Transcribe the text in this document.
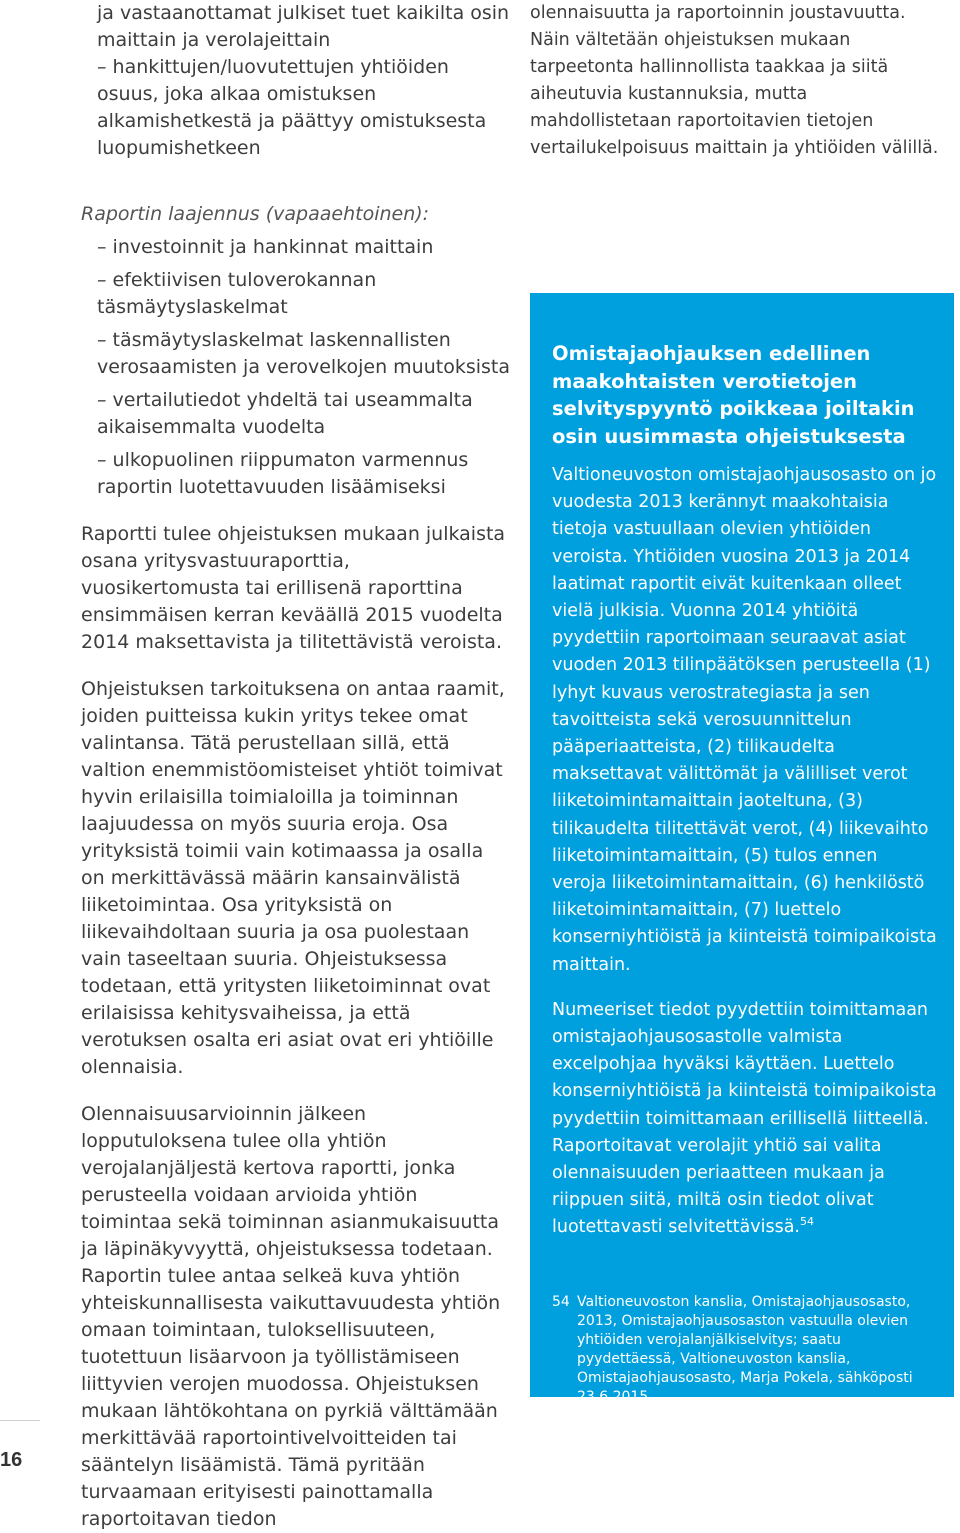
ja vastaanottamat julkiset tuet kaikilta osin

maittain ja verolajeittain

– hankittujen/luovutettujen yhtiöiden osuus, joka alkaa omistuksen alkamishetkestä ja päättyy omistuksesta luopumishetkeen

Raportin laajennus (vapaaehtoinen):

– investoinnit ja hankinnat maittain

– efektiivisen tuloverokannan täsmäytyslaskelmat

– täsmäytyslaskelmat laskennallisten verosaamisten ja verovelkojen muutoksista

– vertailutiedot yhdeltä tai useammalta aikaisemmalta vuodelta

– ulkopuolinen riippumaton varmennus raportin luotettavuuden lisäämiseksi

Raportti tulee ohjeistuksen mukaan julkaista osana yritysvastuuraporttia, vuosikertomusta tai erillisenä raporttina ensimmäisen kerran keväällä 2015 vuodelta 2014 maksettavista ja tilitettävistä veroista.

Ohjeistuksen tarkoituksena on antaa raamit, joiden puitteissa kukin yritys tekee omat valintansa. Tätä perustellaan sillä, että valtion enemmistöomisteiset yhtiöt toimivat hyvin erilaisilla toimialoilla ja toiminnan laajuudessa on myös suuria eroja. Osa yrityksistä toimii vain kotimaassa ja osalla on merkittävässä määrin kansainvälistä liiketoimintaa. Osa yrityksistä on liikevaihdoltaan suuria ja osa puolestaan vain taseeltaan suuria. Ohjeistuksessa todetaan, että yritysten liiketoiminnat ovat erilaisissa kehitysvaiheissa, ja että verotuksen osalta eri asiat ovat eri yhtiöille olennaisia.

Olennaisuusarvioinnin jälkeen lopputuloksena tulee olla yhtiön verojalanjäljestä kertova raportti, jonka perusteella voidaan arvioida yhtiön toimintaa sekä toiminnan asianmukaisuutta ja läpinäkyvyyttä, ohjeistuksessa todetaan. Raportin tulee antaa selkeä kuva yhtiön yhteiskunnallisesta vaikuttavuudesta yhtiön omaan toimintaan, tuloksellisuuteen, tuotettuun lisäarvoon ja työllistämiseen liittyvien verojen muodossa. Ohjeistuksen mukaan lähtökohtana on pyrkiä välttämään merkittävää raportointivelvoitteiden tai sääntelyn lisäämistä. Tämä pyritään turvaamaan erityisesti painottamalla raportoitavan tiedon

olennaisuutta ja raportoinnin joustavuutta. Näin vältetään ohjeistuksen mukaan tarpeetonta hallinnollista taakkaa ja siitä aiheutuvia kustannuksia, mutta mahdollistetaan raportoitavien tietojen vertailukelpoisuus maittain ja yhtiöiden välillä.

Omistajaohjauksen edellinen maakohtaisten verotietojen selvityspyyntö poikkeaa joiltakin osin uusimmasta ohjeistuksesta

Valtioneuvoston omistajaohjausosasto on jo vuodesta 2013 kerännyt maakohtaisia tietoja vastuullaan olevien yhtiöiden veroista. Yhtiöiden vuosina 2013 ja 2014 laatimat raportit eivät kuitenkaan olleet vielä julkisia. Vuonna 2014 yhtiöitä pyydettiin raportoimaan seuraavat asiat vuoden 2013 tilinpäätöksen perusteella (1) lyhyt kuvaus verostrategiasta ja sen tavoitteista sekä verosuunnittelun pääperiaatteista, (2) tilikaudelta maksettavat välittömät ja välilliset verot liiketoimintamaittain jaoteltuna, (3) tilikaudelta tilitettävät verot, (4) liikevaihto liiketoimintamaittain, (5) tulos ennen veroja liiketoimintamaittain, (6) henkilöstö liiketoimintamaittain, (7) luettelo konserniyhtiöistä ja kiinteistä toimipaikoista maittain.

Numeeriset tiedot pyydettiin toimittamaan omistajaohjausosastolle valmista excelpohjaa hyväksi käyttäen. Luettelo konserniyhtiöistä ja kiinteistä toimipaikoista pyydettiin toimittamaan erillisellä liitteellä. Raportoitavat verolajit yhtiö sai valita olennaisuuden periaatteen mukaan ja riippuen siitä, miltä osin tiedot olivat luotettavasti selvitettävissä.$^{54}$

54 Valtioneuvoston kanslia, Omistajaohjausosasto, 2013, Omistajaohjausosaston vastuulla olevien yhtiöiden verojalanjälkiselvitys; saatu pyydettäessä, Valtioneuvoston kanslia, Omistajaohjausosasto, Marja Pokela, sähköposti 23.6.2015
16
